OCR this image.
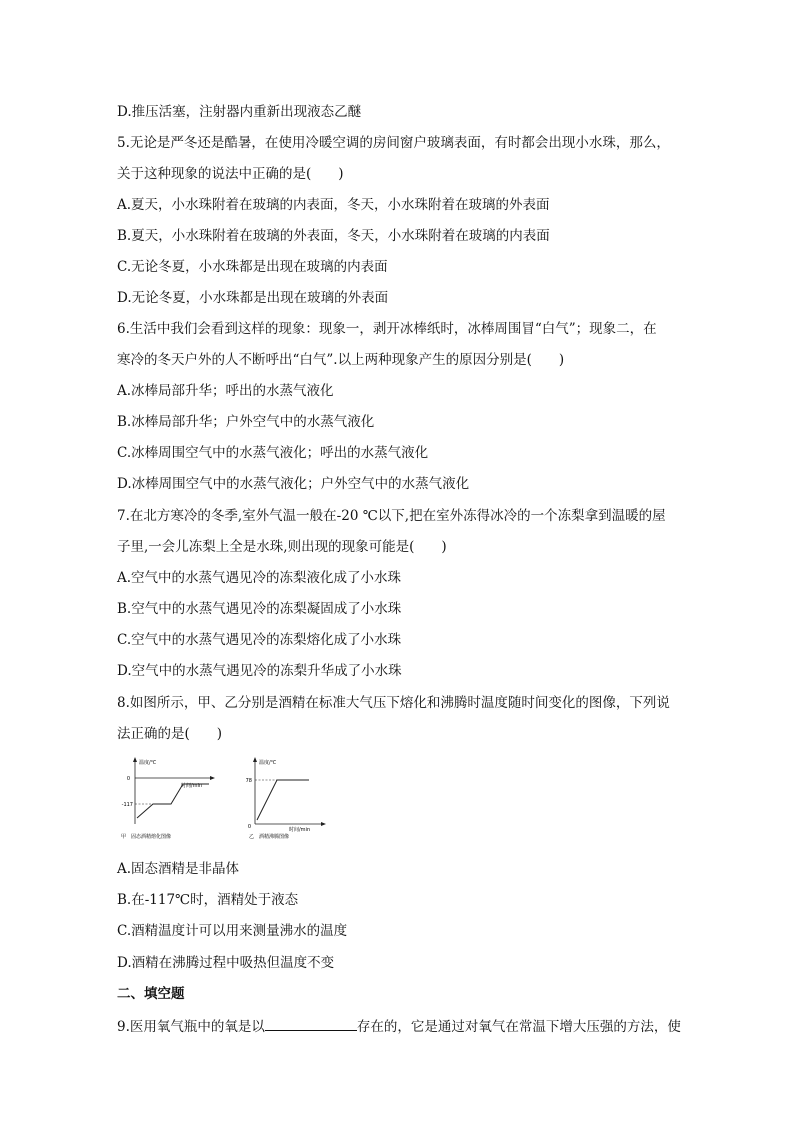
D.推压活塞，注射器内重新出现液态乙醚
5.无论是严冬还是酷暑，在使用冷暖空调的房间窗户玻璃表面，有时都会出现小水珠，那么，
关于这种现象的说法中正确的是(　　)
A.夏天，小水珠附着在玻璃的内表面，冬天，小水珠附着在玻璃的外表面
B.夏天，小水珠附着在玻璃的外表面，冬天，小水珠附着在玻璃的内表面
C.无论冬夏，小水珠都是出现在玻璃的内表面
D.无论冬夏，小水珠都是出现在玻璃的外表面
6.生活中我们会看到这样的现象：现象一，剥开冰棒纸时，冰棒周围冒“白气”；现象二，在
寒冷的冬天户外的人不断呼出“白气”.以上两种现象产生的原因分别是(　　)
A.冰棒局部升华；呼出的水蒸气液化
B.冰棒局部升华；户外空气中的水蒸气液化
C.冰棒周围空气中的水蒸气液化；呼出的水蒸气液化
D.冰棒周围空气中的水蒸气液化；户外空气中的水蒸气液化
7.在北方寒冷的冬季,室外气温一般在-20 ℃以下,把在室外冻得冰冷的一个冻梨拿到温暖的屋
子里,一会儿冻梨上全是水珠,则出现的现象可能是(　　)
A.空气中的水蒸气遇见冷的冻梨液化成了小水珠
B.空气中的水蒸气遇见冷的冻梨凝固成了小水珠
C.空气中的水蒸气遇见冷的冻梨熔化成了小水珠
D.空气中的水蒸气遇见冷的冻梨升华成了小水珠
8.如图所示，甲、乙分别是酒精在标准大气压下熔化和沸腾时温度随时间变化的图像，下列说
法正确的是(　　)
温度/℃
时间/min
0
-117
甲　固态酒精熔化图像
温度/℃
时间/min
0
78
乙　酒精沸腾图像
A.固态酒精是非晶体
B.在-117℃时，酒精处于液态
C.酒精温度计可以用来测量沸水的温度
D.酒精在沸腾过程中吸热但温度不变
二、填空题
9.医用氧气瓶中的氧是以	存在的，它是通过对氧气在常温下增大压强的方法，使
